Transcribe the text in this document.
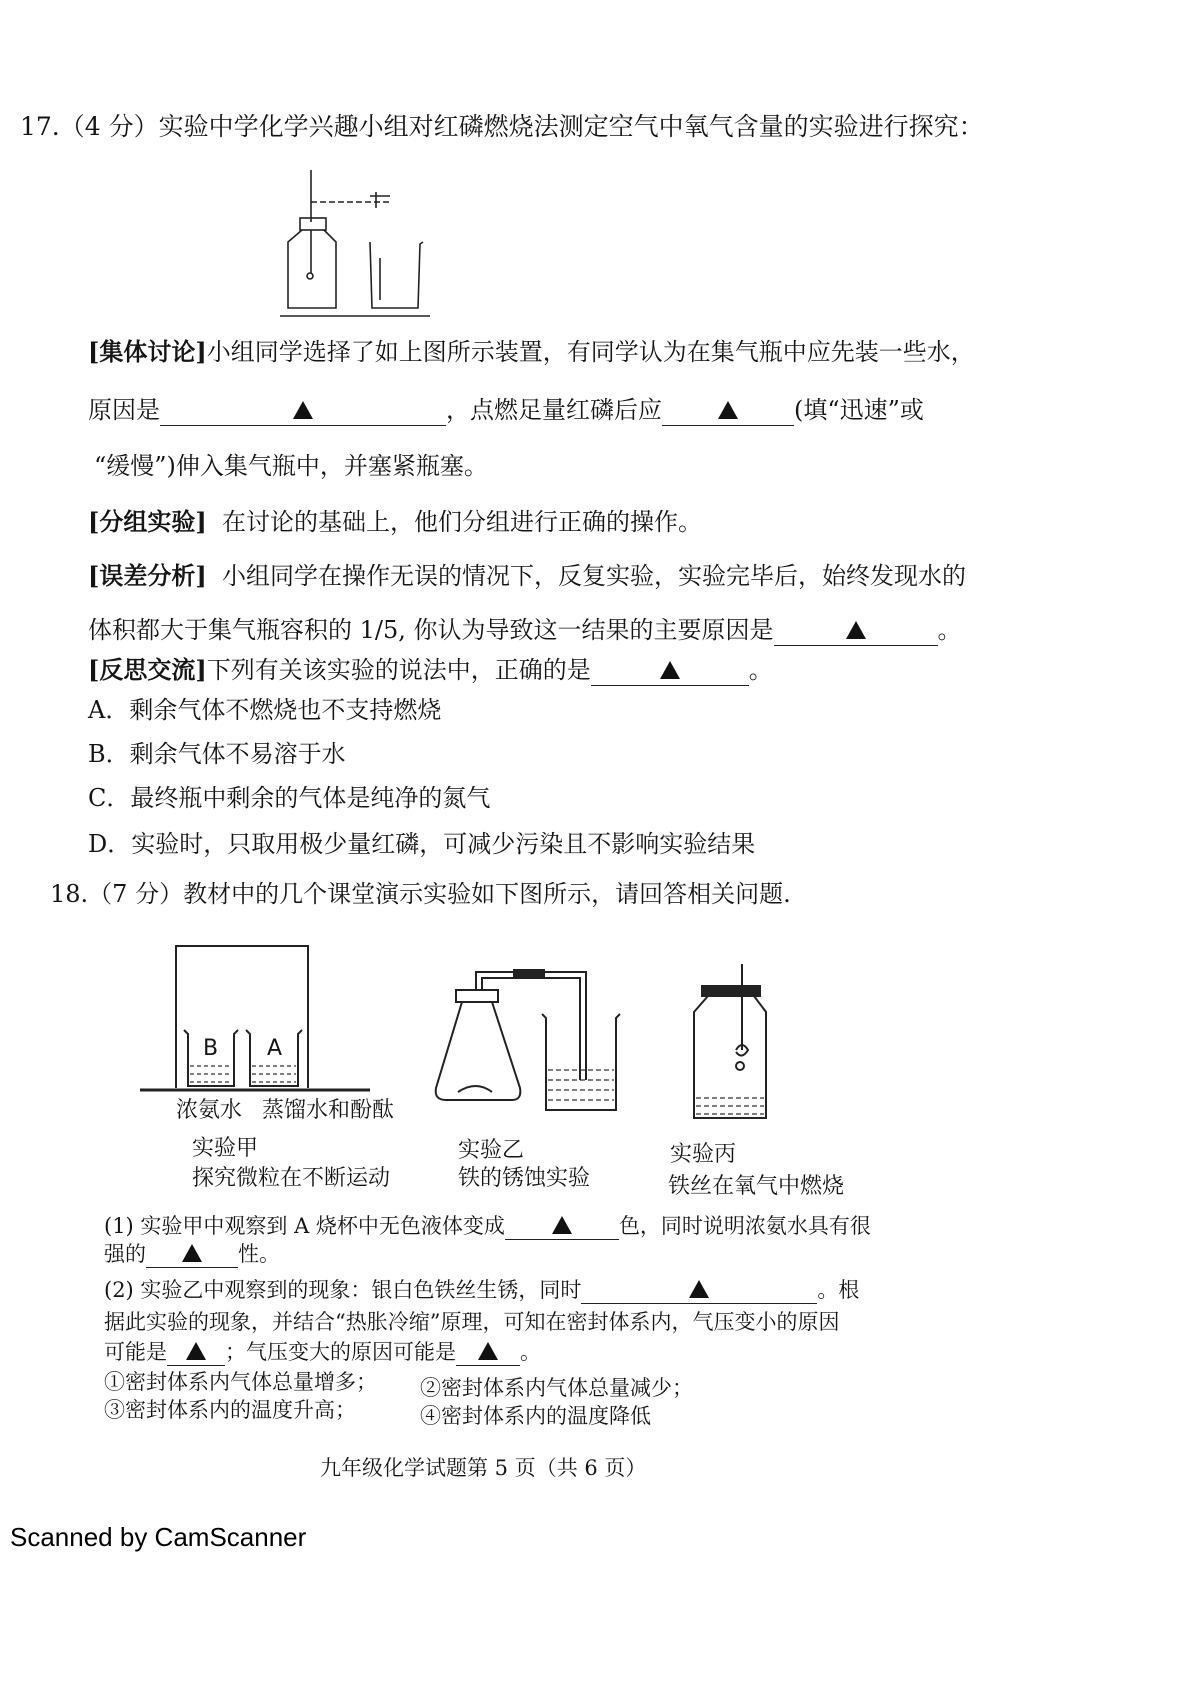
17.（4 分）实验中学化学兴趣小组对红磷燃烧法测定空气中氧气含量的实验进行探究：
[集体讨论]小组同学选择了如上图所示装置，有同学认为在集气瓶中应先装一些水，
原因是	，点燃足量红磷后应	(填“迅速”或
“缓慢”)伸入集气瓶中，并塞紧瓶塞。
[分组实验] 在讨论的基础上，他们分组进行正确的操作。
[误差分析] 小组同学在操作无误的情况下，反复实验，实验完毕后，始终发现水的
体积都大于集气瓶容积的 1/5, 你认为导致这一结果的主要原因是	。
[反思交流]下列有关该实验的说法中，正确的是	。
A．剩余气体不燃烧也不支持燃烧
B．剩余气体不易溶于水
C．最终瓶中剩余的气体是纯净的氮气
D．实验时，只取用极少量红磷，可减少污染且不影响实验结果
18.（7 分）教材中的几个课堂演示实验如下图所示，请回答相关问题.
B A
浓氨水 蒸馏水和酚酞
实验甲
探究微粒在不断运动
实验乙
铁的锈蚀实验
实验丙
铁丝在氧气中燃烧
(1) 实验甲中观察到 A 烧杯中无色液体变成	色，同时说明浓氨水具有很
强的	性。
(2) 实验乙中观察到的现象：银白色铁丝生锈，同时	。根
据此实验的现象，并结合“热胀冷缩”原理，可知在密封体系内，气压变小的原因
可能是	；气压变大的原因可能是	。
①密封体系内气体总量增多； ②密封体系内气体总量减少；
③密封体系内的温度升高；	④密封体系内的温度降低
九年级化学试题第 5 页（共 6 页）
Scanned by CamScanner
